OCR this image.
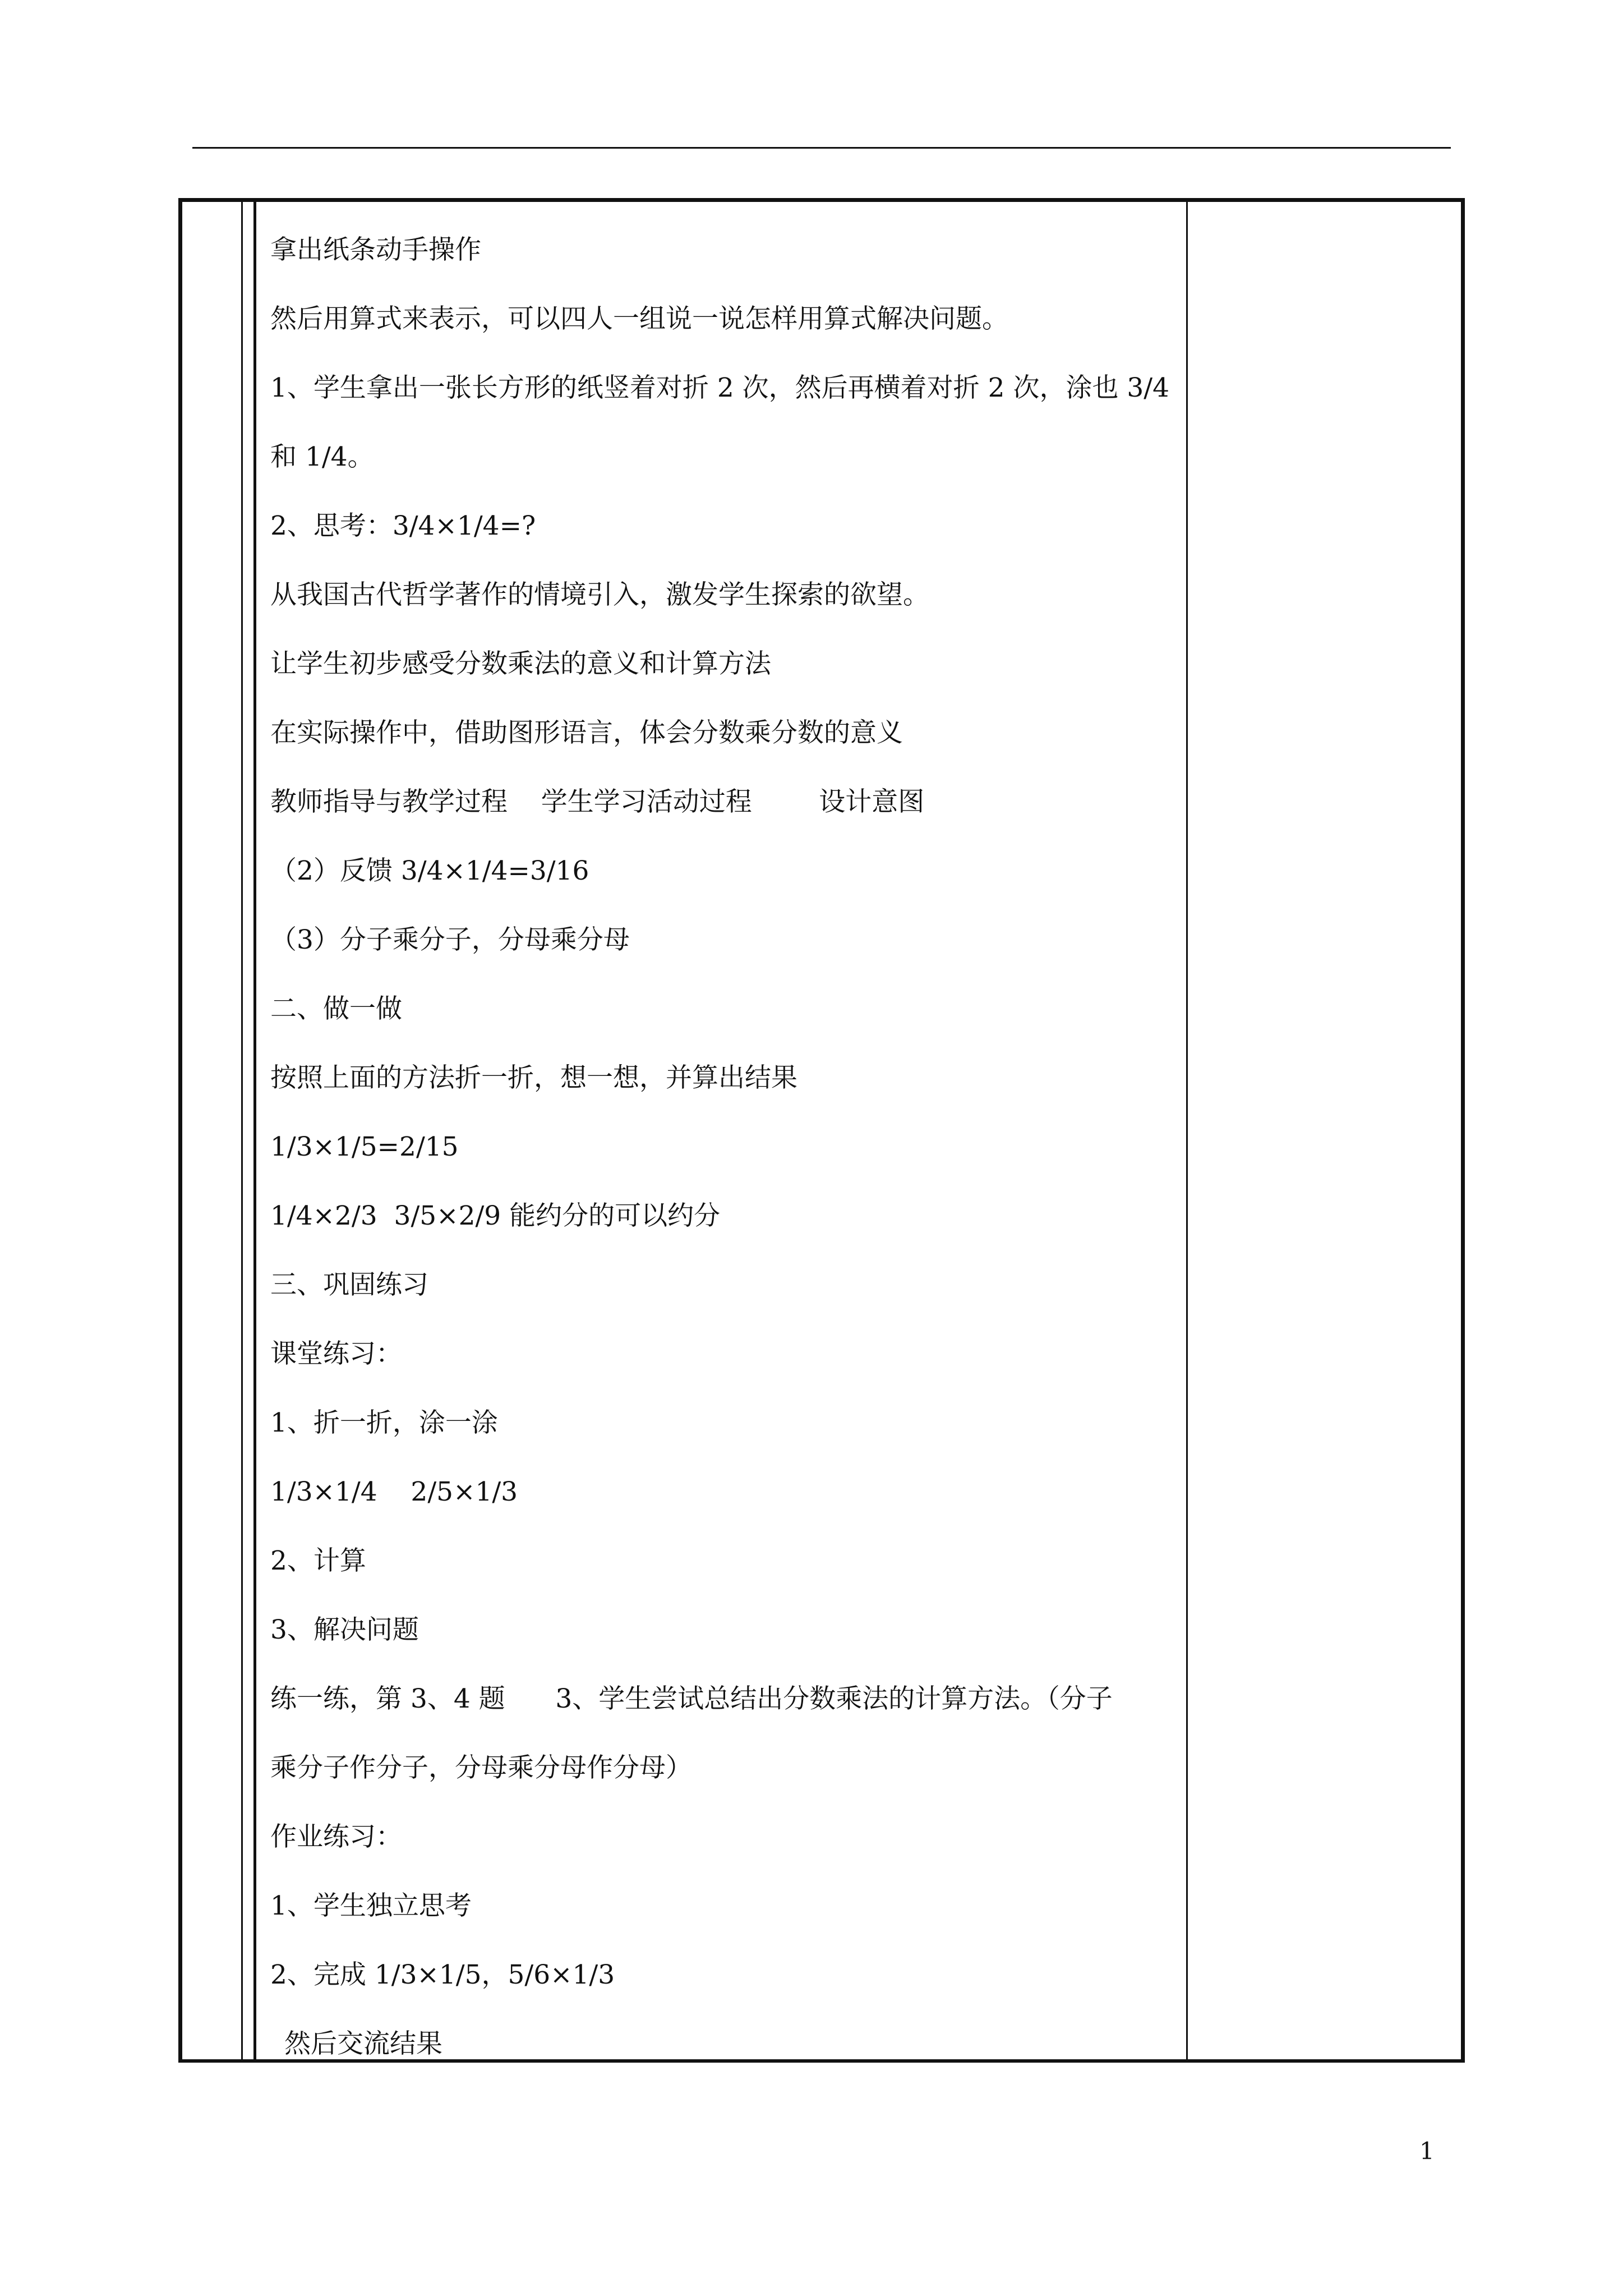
拿出纸条动手操作
然后用算式来表示，可以四人一组说一说怎样用算式解决问题。
1、学生拿出一张长方形的纸竖着对折 2 次，然后再横着对折 2 次，涂也 3/4
和 1/4。
2、思考：3/4×1/4=?
从我国古代哲学著作的情境引入，激发学生探索的欲望。
让学生初步感受分数乘法的意义和计算方法
在实际操作中，借助图形语言，体会分数乘分数的意义
教师指导与教学过程    学生学习活动过程        设计意图
（2）反馈 3/4×1/4=3/16
（3）分子乘分子，分母乘分母
二、做一做
按照上面的方法折一折，想一想，并算出结果
1/3×1/5=2/15
1/4×2/3  3/5×2/9 能约分的可以约分
三、巩固练习
课堂练习：
1、折一折，涂一涂
1/3×1/4    2/5×1/3
2、计算
3、解决问题
练一练，第 3、4 题      3、学生尝试总结出分数乘法的计算方法。（分子
乘分子作分子，分母乘分母作分母）
作业练习：
1、学生独立思考
2、完成 1/3×1/5，5/6×1/3
然后交流结果
1
